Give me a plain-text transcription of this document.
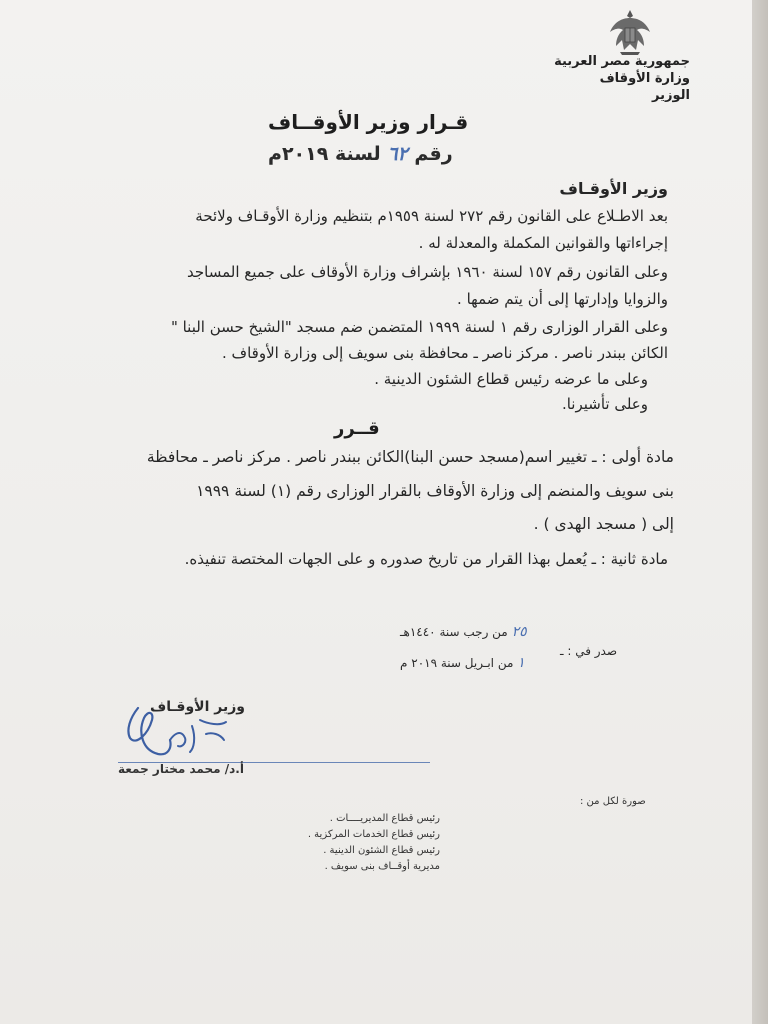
جمهورية مصر العربية
وزارة الأوقاف
الوزير
قـرار وزير الأوقــاف
رقم ٦٢ لسنة ٢٠١٩م
وزير الأوقـاف
بعد الاطـلاع على القانون رقم ٢٧٢ لسنة ١٩٥٩م بتنظيم وزارة الأوقـاف ولائحة
إجراءاتها والقوانين المكملة والمعدلة له .
وعلى القانون رقم ١٥٧ لسنة ١٩٦٠ بإشراف وزارة الأوقاف على جميع المساجد
والزوايا وإدارتها إلى أن يتم ضمها .
وعلى القرار الوزارى رقم ١ لسنة ١٩٩٩ المتضمن ضم مسجد "الشيخ حسن البنا "
الكائن ببندر ناصر . مركز ناصر ـ محافظة بنى سويف إلى وزارة الأوقاف .
وعلى ما عرضه رئيس قطاع الشئون الدينية .
وعلى تأشيرنا.
قــرر
مادة أولى : ـ تغيير اسم(مسجد حسن البنا)الكائن ببندر ناصر . مركز ناصر ـ محافظة
بنى سويف والمنضم إلى وزارة الأوقاف بالقرار الوزارى رقم (١) لسنة ١٩٩٩
إلى ( مسجد الهدى ) .
مادة ثانية : ـ يُعمل بهذا القرار من تاريخ صدوره و على الجهات المختصة تنفيذه.
صدر في : ـ
٢٥ من رجب سنة ١٤٤٠هـ
١ من ابـريل سنة ٢٠١٩ م
وزير الأوقـاف
أ.د/ محمد مختار جمعة
صورة لكل من :
رئيس قطاع المديريــــات .
رئيس قطاع الخدمات المركزية .
رئيس قطاع الشئون الدينية .
مديرية أوقــاف بنى سويف .
